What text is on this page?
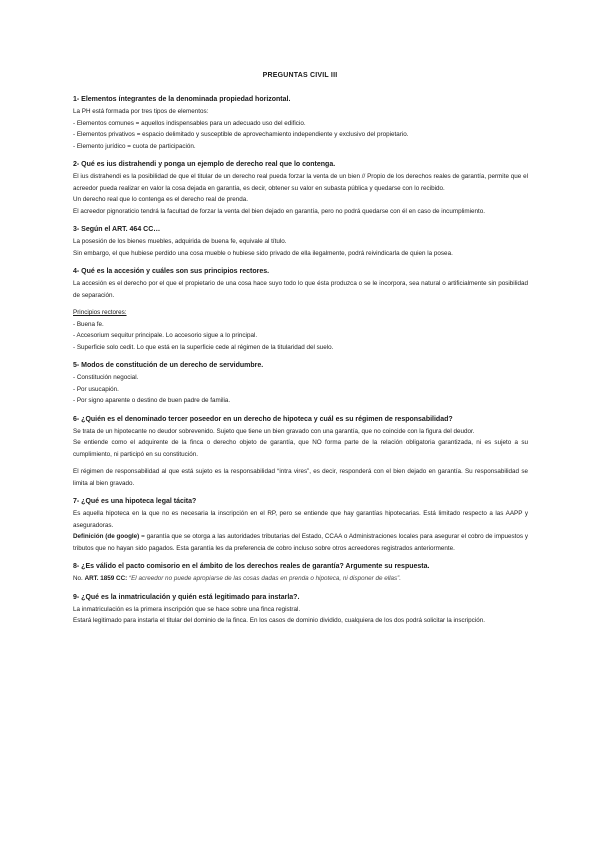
PREGUNTAS CIVIL III

1- Elementos íntegrantes de la denominada propiedad horizontal.

La PH está formada por tres tipos de elementos:

- Elementos comunes = aquellos indispensables para un adecuado uso del edificio.

- Elementos privativos = espacio delimitado y susceptible de aprovechamiento independiente y exclusivo del propietario.

- Elemento jurídico = cuota de participación.

2- Qué es ius distrahendi y ponga un ejemplo de derecho real que lo contenga.

El ius distrahendi es la posibilidad de que el titular de un derecho real pueda forzar la venta de un bien // Propio de los derechos reales de garantía, permite que el acreedor pueda realizar en valor la cosa dejada en garantía, es decir, obtener su valor en subasta pública y quedarse con lo recibido.

Un derecho real que lo contenga es el derecho real de prenda.

El acreedor pignoraticio tendrá la facultad de forzar la venta del bien dejado en garantía, pero no podrá quedarse con él en caso de incumplimiento.

3- Según el ART. 464 CC…

La posesión de los bienes muebles, adquirida de buena fe, equivale al título.

Sin embargo, el que hubiese perdido una cosa mueble o hubiese sido privado de ella ilegalmente, podrá reivindicarla de quien la posea.

4- Qué es la accesión y cuáles son sus principios rectores.

La accesión es el derecho por el que el propietario de una cosa hace suyo todo lo que ésta produzca o se le incorpora, sea natural o artificialmente sin posibilidad de separación.

Principios rectores:

- Buena fe.

- Accesorium sequitur principale. Lo accesorio sigue a lo principal.

- Superficie solo cedit. Lo que está en la superficie cede al régimen de la titularidad del suelo.

5- Modos de constitución de un derecho de servidumbre.

- Constitución negocial.

- Por usucapión.

- Por signo aparente o destino de buen padre de familia.

6- ¿Quién es el denominado tercer poseedor en un derecho de hipoteca y cuál es su régimen de responsabilidad?

Se trata de un hipotecante no deudor sobrevenido. Sujeto que tiene un bien gravado con una garantía, que no coincide con la figura del deudor.

Se entiende como el adquirente de la finca o derecho objeto de garantía, que NO forma parte de la relación obligatoria garantizada, ni es sujeto a su cumplimiento, ni participó en su constitución.

El régimen de responsabilidad al que está sujeto es la responsabilidad “intra vires”, es decir, responderá con el bien dejado en garantía. Su responsabilidad se limita al bien gravado.

7- ¿Qué es una hipoteca legal tácita?

Es aquella hipoteca en la que no es necesaria la inscripción en el RP, pero se entiende que hay garantías hipotecarias. Está limitado respecto a las AAPP y aseguradoras.

Definición (de google) = garantía que se otorga a las autoridades tributarias del Estado, CCAA o Administraciones locales para asegurar el cobro de impuestos y tributos que no hayan sido pagados. Esta garantía les da preferencia de cobro incluso sobre otros acreedores registrados anteriormente.

8- ¿Es válido el pacto comisorio en el ámbito de los derechos reales de garantía? Argumente su respuesta.

No. ART. 1859 CC: “El acreedor no puede apropiarse de las cosas dadas en prenda o hipoteca, ni disponer de ellas”.

9- ¿Qué es la inmatriculación y quién está legitimado para instarla?.

La inmatriculación es la primera inscripción que se hace sobre una finca registral.

Estará legitimado para instarla el titular del dominio de la finca. En los casos de dominio dividido, cualquiera de los dos podrá solicitar la inscripción.
